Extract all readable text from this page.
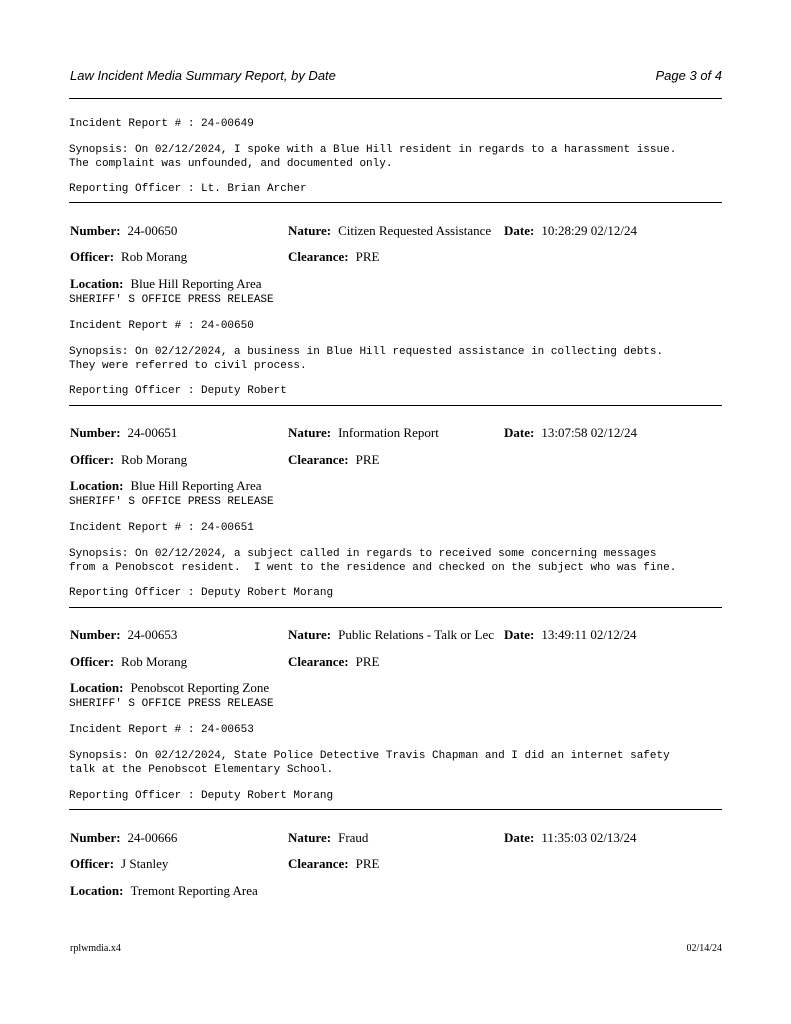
Law Incident Media Summary Report, by Date	Page 3 of 4
Incident Report # : 24-00649
Synopsis: On 02/12/2024, I spoke with a Blue Hill resident in regards to a harassment issue.
The complaint was unfounded, and documented only.
Reporting Officer : Lt. Brian Archer
Number: 24-00650	Nature: Citizen Requested Assistance Date: 10:28:29 02/12/24
Officer: Rob Morang	Clearance: PRE
Location: Blue Hill Reporting Area
SHERIFF' S OFFICE PRESS RELEASE
Incident Report # : 24-00650
Synopsis: On 02/12/2024, a business in Blue Hill requested assistance in collecting debts.
They were referred to civil process.
Reporting Officer : Deputy Robert
Number: 24-00651	Nature: Information Report	Date: 13:07:58 02/12/24
Officer: Rob Morang	Clearance: PRE
Location: Blue Hill Reporting Area
SHERIFF' S OFFICE PRESS RELEASE
Incident Report # : 24-00651
Synopsis: On 02/12/2024, a subject called in regards to received some concerning messages
from a Penobscot resident.  I went to the residence and checked on the subject who was fine.
Reporting Officer : Deputy Robert Morang
Number: 24-00653	Nature: Public Relations - Talk or Lec Date: 13:49:11 02/12/24
Officer: Rob Morang	Clearance: PRE
Location: Penobscot Reporting Zone
SHERIFF' S OFFICE PRESS RELEASE
Incident Report # : 24-00653
Synopsis: On 02/12/2024, State Police Detective Travis Chapman and I did an internet safety
talk at the Penobscot Elementary School.
Reporting Officer : Deputy Robert Morang
Number: 24-00666	Nature: Fraud	Date: 11:35:03 02/13/24
Officer: J Stanley	Clearance: PRE
Location: Tremont Reporting Area
rplwmdia.x4	02/14/24
